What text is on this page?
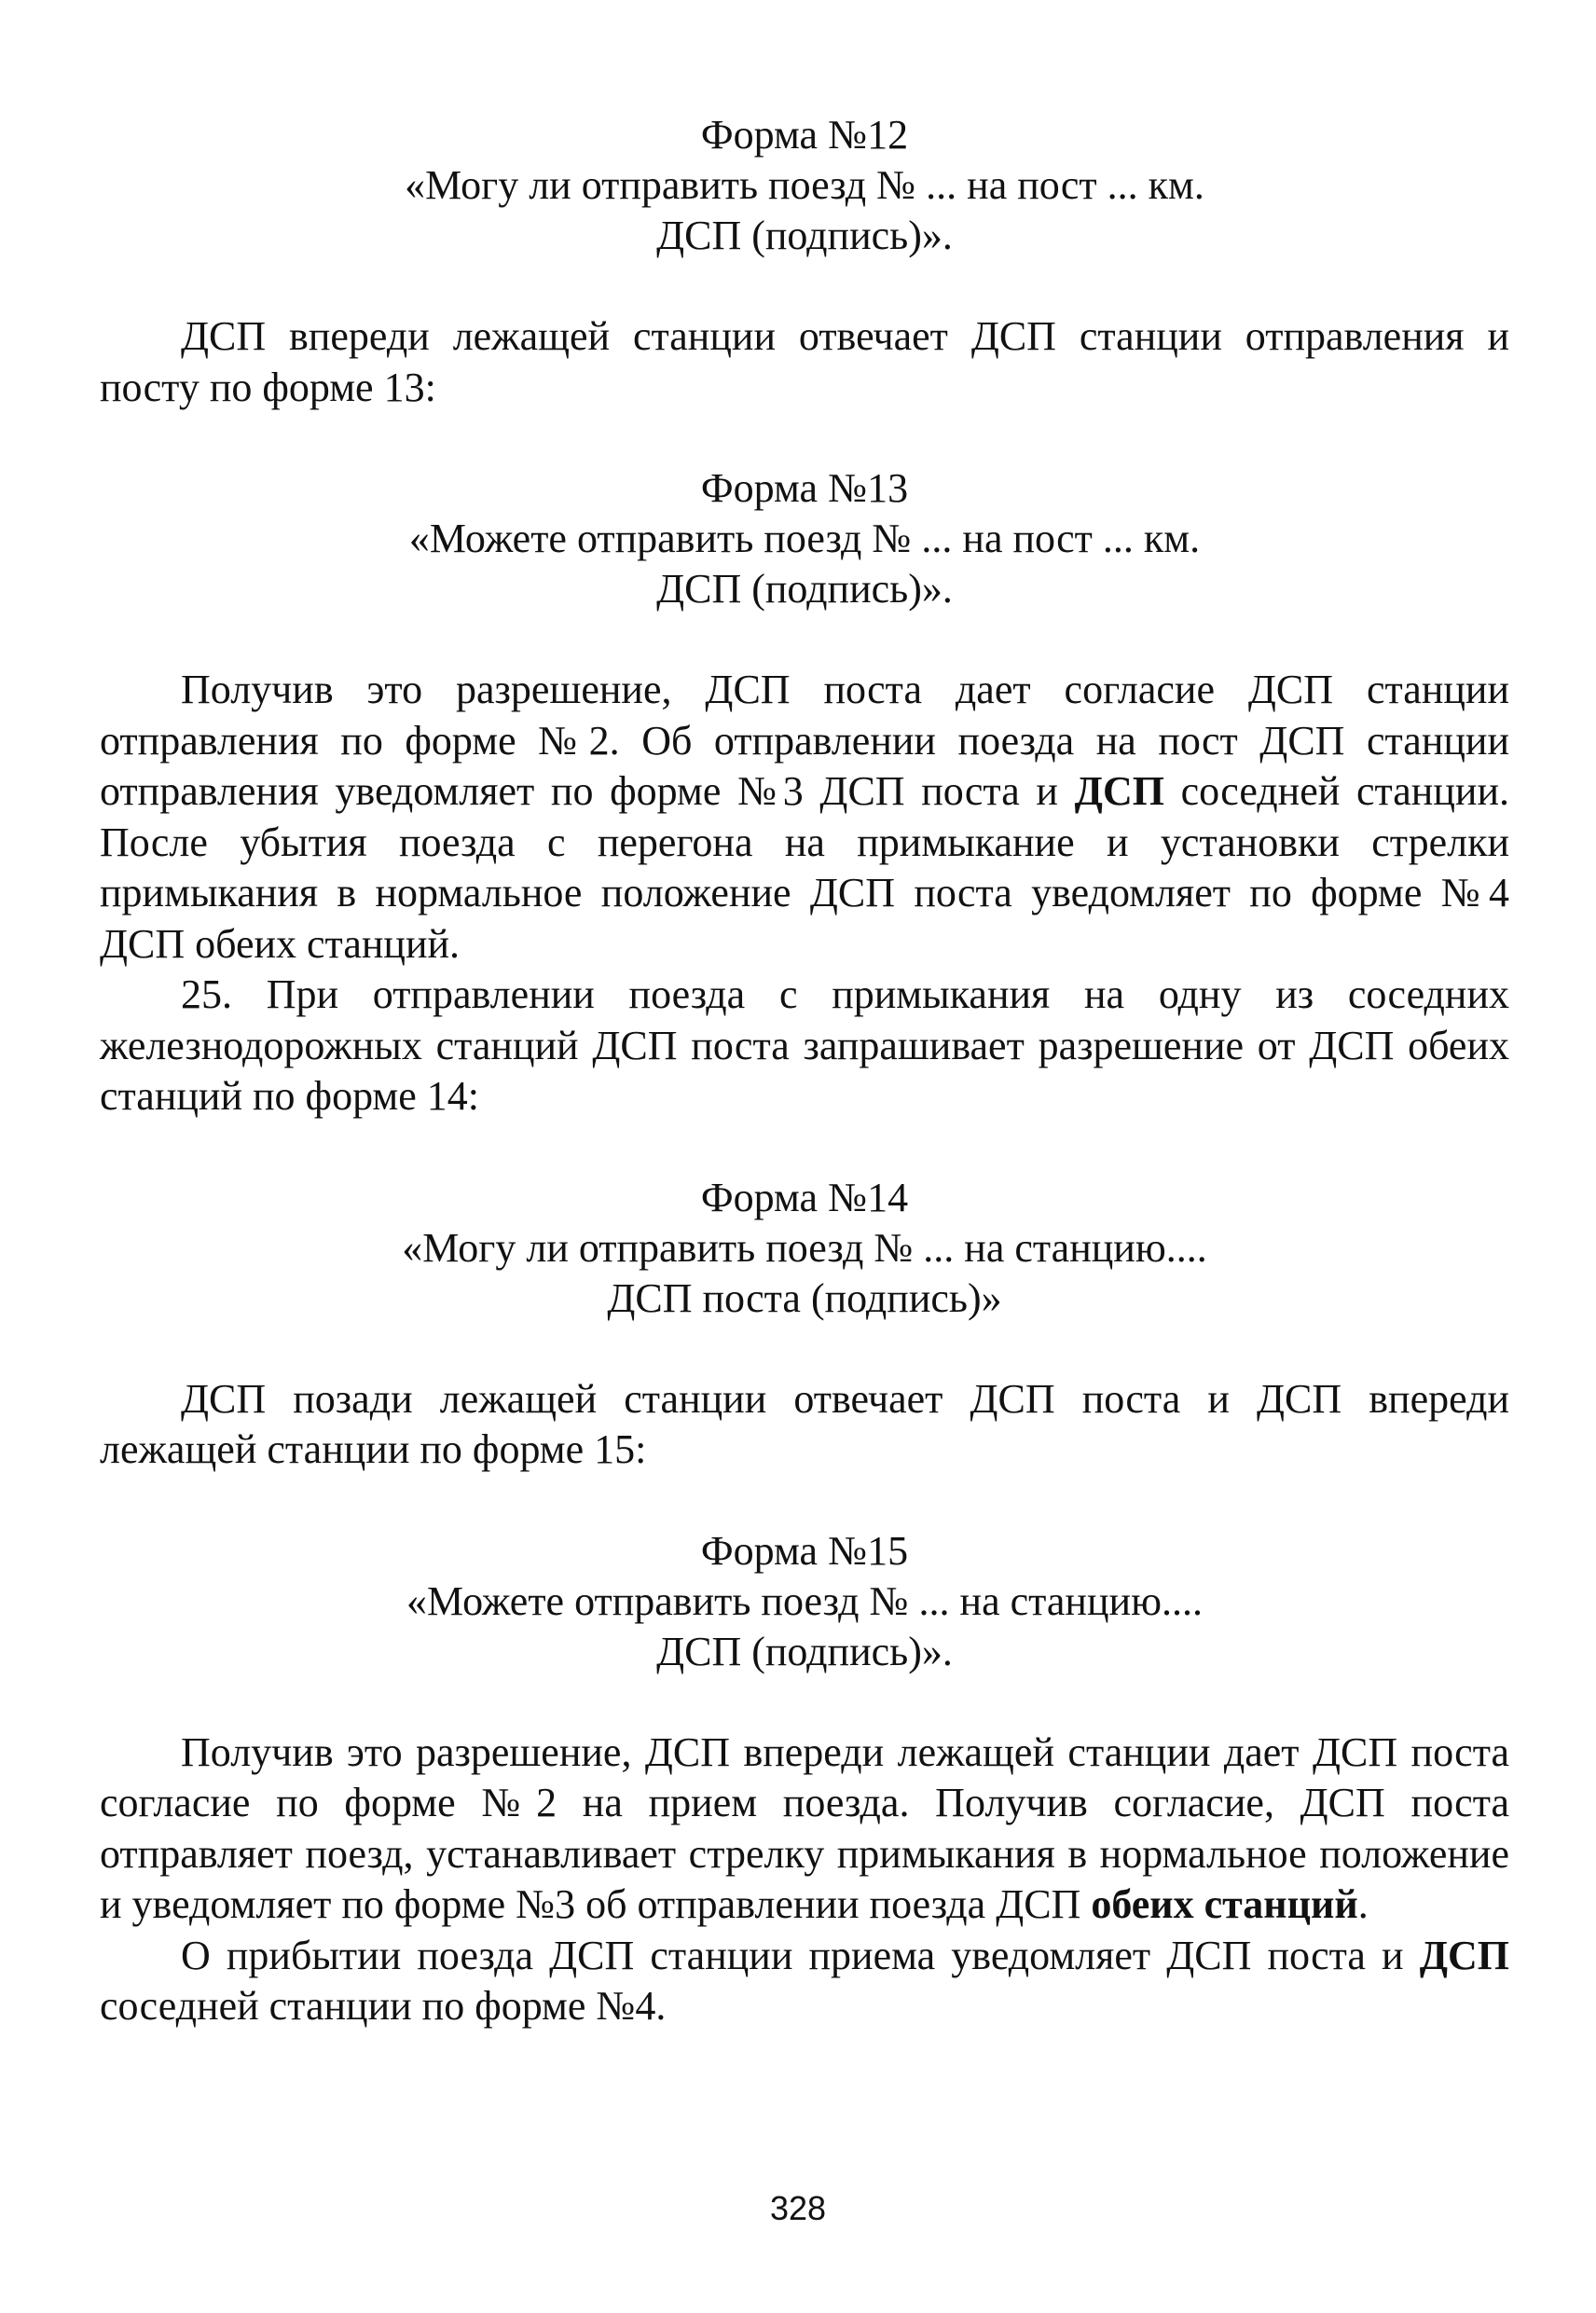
Форма №12
«Могу ли отправить поезд № ... на пост ... км.
ДСП (подпись)».

ДСП впереди лежащей станции отвечает ДСП станции отправления и посту по форме 13:

Форма №13
«Можете отправить поезд № ... на пост ... км.
ДСП (подпись)».

Получив это разрешение, ДСП поста дает согласие ДСП станции отправления по форме №2. Об отправлении поезда на пост ДСП станции отправления уведомляет по форме №3 ДСП поста и ДСП соседней станции. После убытия поезда с перегона на примыкание и установки стрелки примыкания в нормальное положение ДСП поста уведомляет по форме №4 ДСП обеих станций.

25. При отправлении поезда с примыкания на одну из соседних железнодорожных станций ДСП поста запрашивает разрешение от ДСП обеих станций по форме 14:

Форма №14
«Могу ли отправить поезд № ... на станцию....
ДСП поста (подпись)»

ДСП позади лежащей станции отвечает ДСП поста и ДСП впереди лежащей станции по форме 15:

Форма №15
«Можете отправить поезд № ... на станцию....
ДСП (подпись)».

Получив это разрешение, ДСП впереди лежащей станции дает ДСП поста согласие по форме №2 на прием поезда. Получив согласие, ДСП поста отправляет поезд, устанавливает стрелку примыкания в нормальное положение и уведомляет по форме №3 об отправлении поезда ДСП обеих станций.

О прибытии поезда ДСП станции приема уведомляет ДСП поста и ДСП соседней станции по форме №4.

328
